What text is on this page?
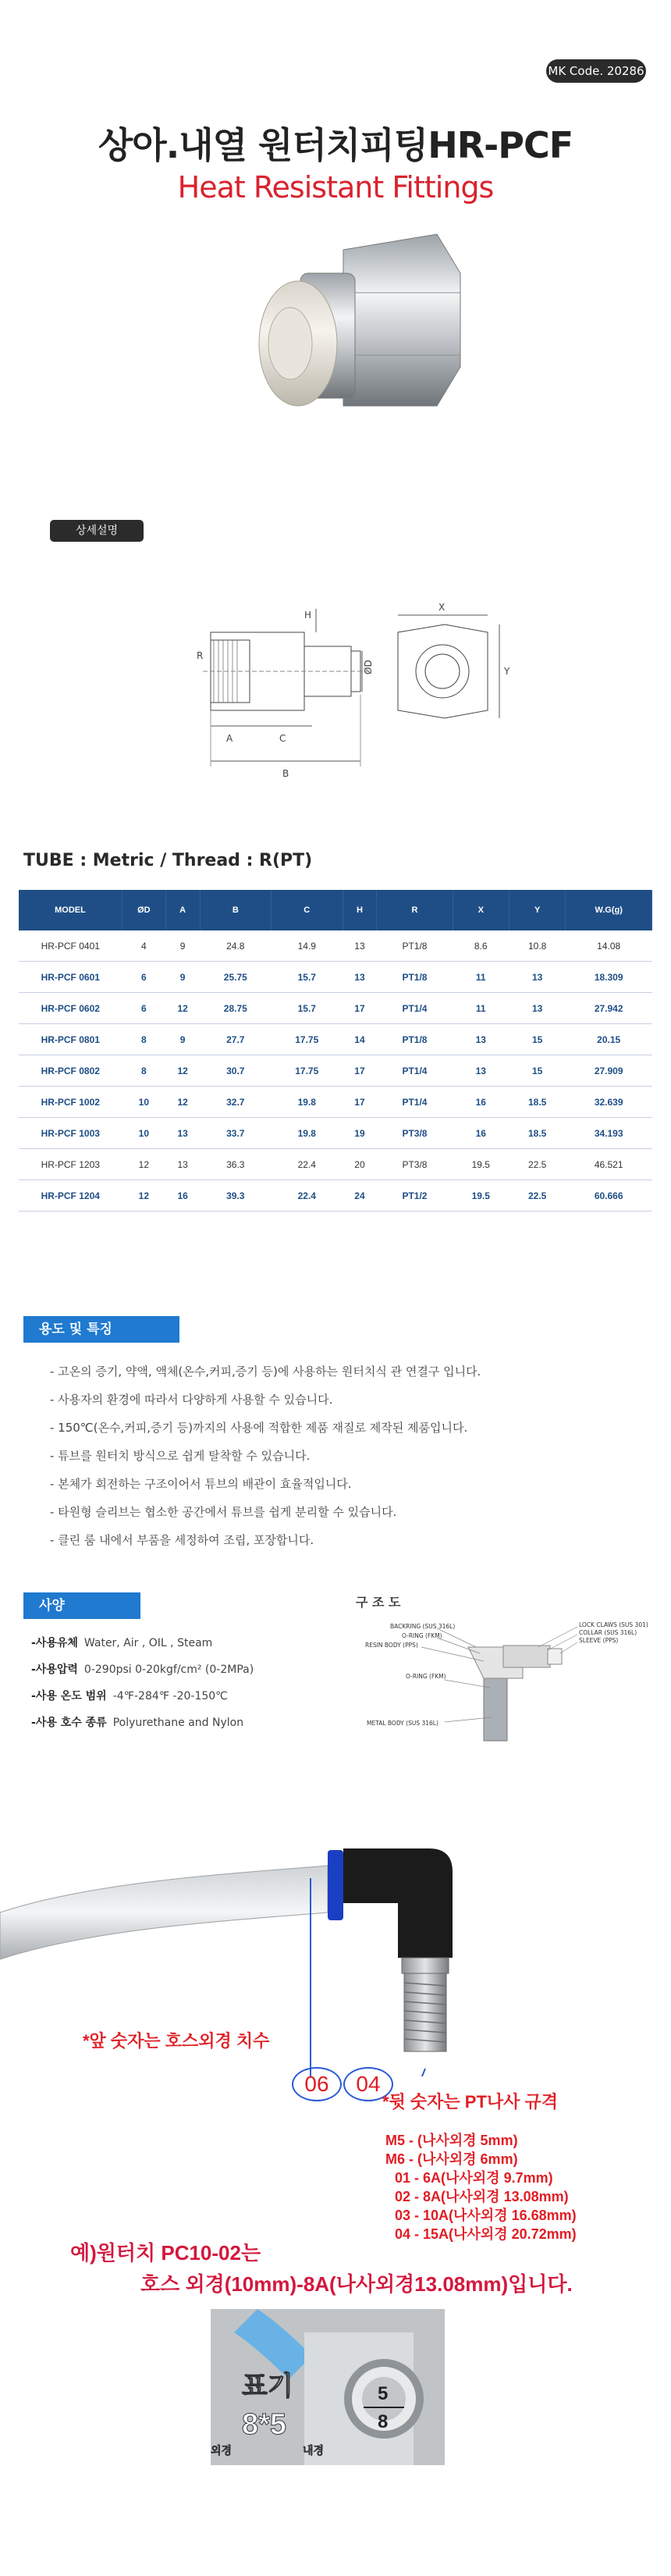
MK Code. 20286
상아.내열 원터치피팅HR-PCF
Heat Resistant Fittings
상세설명
H
R
ØD
A	C
B
X
Y
TUBE : Metric / Thread : R(PT)
MODEL	ØD	A	B	C	H	R	X	Y	W.G(g)
HR-PCF 0401	4	9	24.8	14.9	13	PT1/8	8.6	10.8	14.08
HR-PCF 0601	6	9	25.75	15.7	13	PT1/8	11	13	18.309
HR-PCF 0602	6	12	28.75	15.7	17	PT1/4	11	13	27.942
HR-PCF 0801	8	9	27.7	17.75	14	PT1/8	13	15	20.15
HR-PCF 0802	8	12	30.7	17.75	17	PT1/4	13	15	27.909
HR-PCF 1002	10	12	32.7	19.8	17	PT1/4	16	18.5	32.639
HR-PCF 1003	10	13	33.7	19.8	19	PT3/8	16	18.5	34.193
HR-PCF 1203	12	13	36.3	22.4	20	PT3/8	19.5	22.5	46.521
HR-PCF 1204	12	16	39.3	22.4	24	PT1/2	19.5	22.5	60.666
용도 및 특징
- 고온의 증기, 약액, 액체(온수,커피,증기 등)에 사용하는 원터치식 관 연결구 입니다.
- 사용자의 환경에 따라서 다양하게 사용할 수 있습니다.
- 150℃(온수,커피,증기 등)까지의 사용에 적합한 제품 재질로 제작된 제품입니다.
- 튜브를 원터치 방식으로 쉽게 탈착할 수 있습니다.
- 본체가 회전하는 구조이어서 튜브의 배관이 효율적입니다.
- 타원형 슬리브는 협소한 공간에서 튜브를 쉽게 분리할 수 있습니다.
- 클린 룸 내에서 부품을 세정하여 조립, 포장합니다.
사양
-사용유체 Water, Air , OIL , Steam
-사용압력 0-290psi 0-20kgf/cm² (0-2MPa)
-사용 온도 범위 -4℉-284℉ -20-150℃
-사용 호수 종류 Polyurethane and Nylon
구 조 도
BACKRING (SUS 316L)
O-RING (FKM)
RESIN BODY (PPS)
LOCK CLAWS (SUS 301)
COLLAR (SUS 316L)
SLEEVE (PPS)
O-RING (FKM)
METAL BODY (SUS 316L)
*앞 숫자는 호스외경 치수
06	04
*뒷 숫자는 PT나사 규격
M5 - (나사외경 5mm)
M6 - (나사외경 6mm)
01 - 6A(나사외경 9.7mm)
02 - 8A(나사외경 13.08mm)
03 - 10A(나사외경 16.68mm)
04 - 15A(나사외경 20.72mm)
예)원터치 PC10-02는
호스 외경(10mm)-8A(나사외경13.08mm)입니다.
표기
8*5
외경	내경
5
8
